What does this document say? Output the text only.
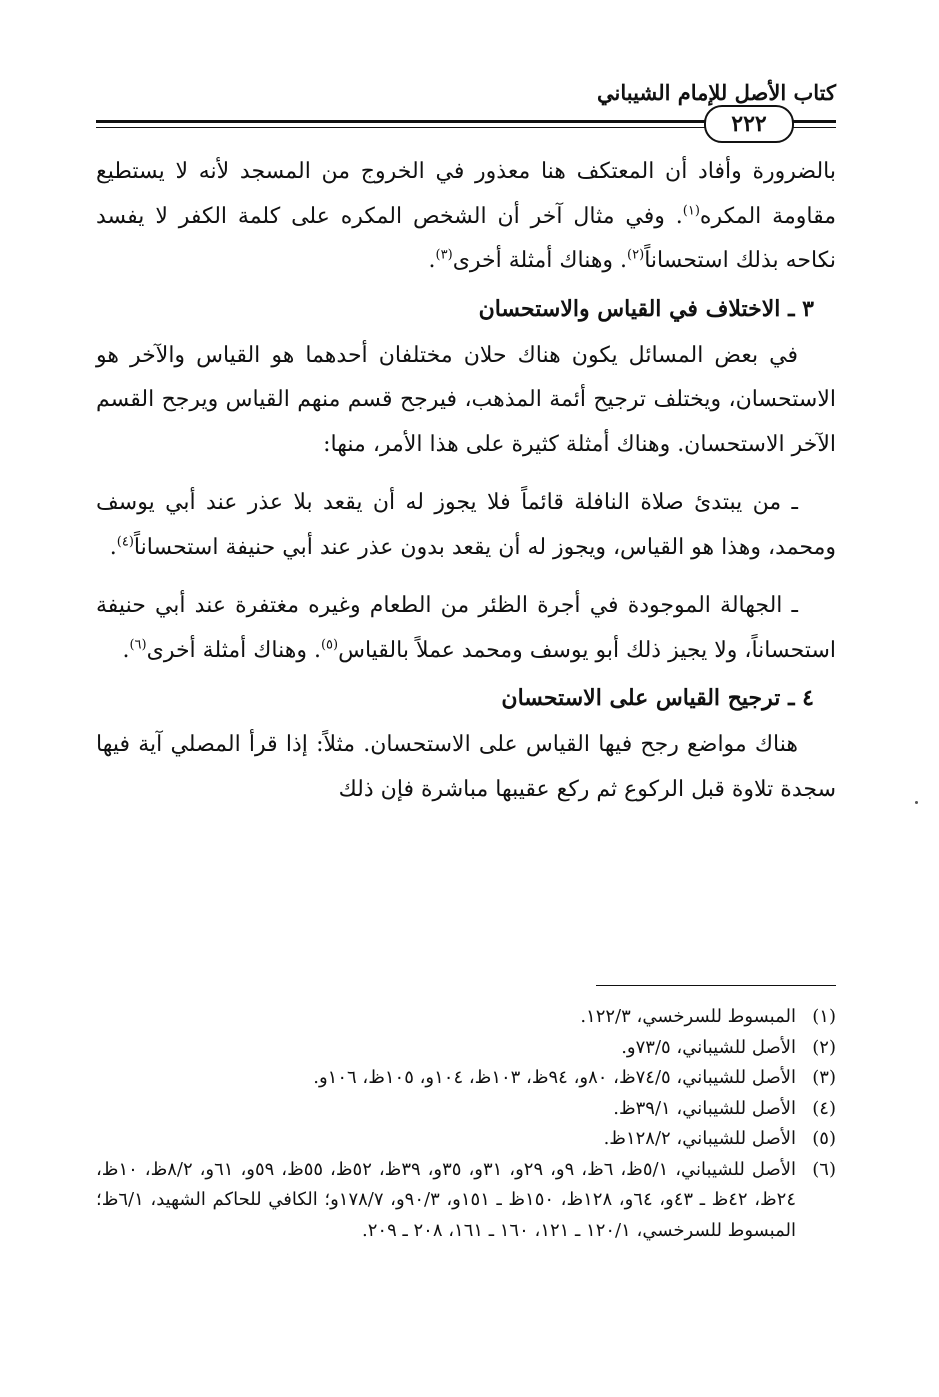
كتاب الأصل للإمام الشيباني
٢٢٢

بالضرورة وأفاد أن المعتكف هنا معذور في الخروج من المسجد لأنه لا يستطيع مقاومة المكره$^{(١)}$. وفي مثال آخر أن الشخص المكره على كلمة الكفر لا يفسد نكاحه بذلك استحساناً$^{(٢)}$. وهناك أمثلة أخرى$^{(٣)}$.

٣ ـ الاختلاف في القياس والاستحسان

في بعض المسائل يكون هناك حلان مختلفان أحدهما هو القياس والآخر هو الاستحسان، ويختلف ترجيح أئمة المذهب، فيرجح قسم منهم القياس ويرجح القسم الآخر الاستحسان. وهناك أمثلة كثيرة على هذا الأمر، منها:

ـ من يبتدئ صلاة النافلة قائماً فلا يجوز له أن يقعد بلا عذر عند أبي يوسف ومحمد، وهذا هو القياس، ويجوز له أن يقعد بدون عذر عند أبي حنيفة استحساناً$^{(٤)}$.

ـ الجهالة الموجودة في أجرة الظئر من الطعام وغيره مغتفرة عند أبي حنيفة استحساناً، ولا يجيز ذلك أبو يوسف ومحمد عملاً بالقياس$^{(٥)}$. وهناك أمثلة أخرى$^{(٦)}$.

٤ ـ ترجيح القياس على الاستحسان

هناك مواضع رجح فيها القياس على الاستحسان. مثلاً: إذا قرأ المصلي آية فيها سجدة تلاوة قبل الركوع ثم ركع عقيبها مباشرة فإن ذلك

(١)
المبسوط للسرخسي، ١٢٢/٣.
(٢)
الأصل للشيباني، ٧٣/٥و.
(٣)
الأصل للشيباني، ٧٤/٥ظ، ٨٠و، ٩٤ظ، ١٠٣ظ، ١٠٤و، ١٠٥ظ، ١٠٦و.
(٤)
الأصل للشيباني، ٣٩/١ظ.
(٥)
الأصل للشيباني، ١٢٨/٢ظ.
(٦)
الأصل للشيباني، ٥/١ظ، ٦ظ، ٩و، ٢٩و، ٣١و، ٣٥و، ٣٩ظ، ٥٢ظ، ٥٥ظ، ٥٩و، ٦١و، ٨/٢ظ، ١٠ظ، ٢٤ظ، ٤٢ظ ـ ٤٣و، ٦٤و، ١٢٨ظ، ١٥٠ظ ـ ١٥١و، ٩٠/٣و، ١٧٨/٧و؛ الكافي للحاكم الشهيد، ٦/١ظ؛ المبسوط للسرخسي، ١٢٠/١ ـ ١٢١، ١٦٠ ـ ١٦١، ٢٠٨ ـ ٢٠٩.
